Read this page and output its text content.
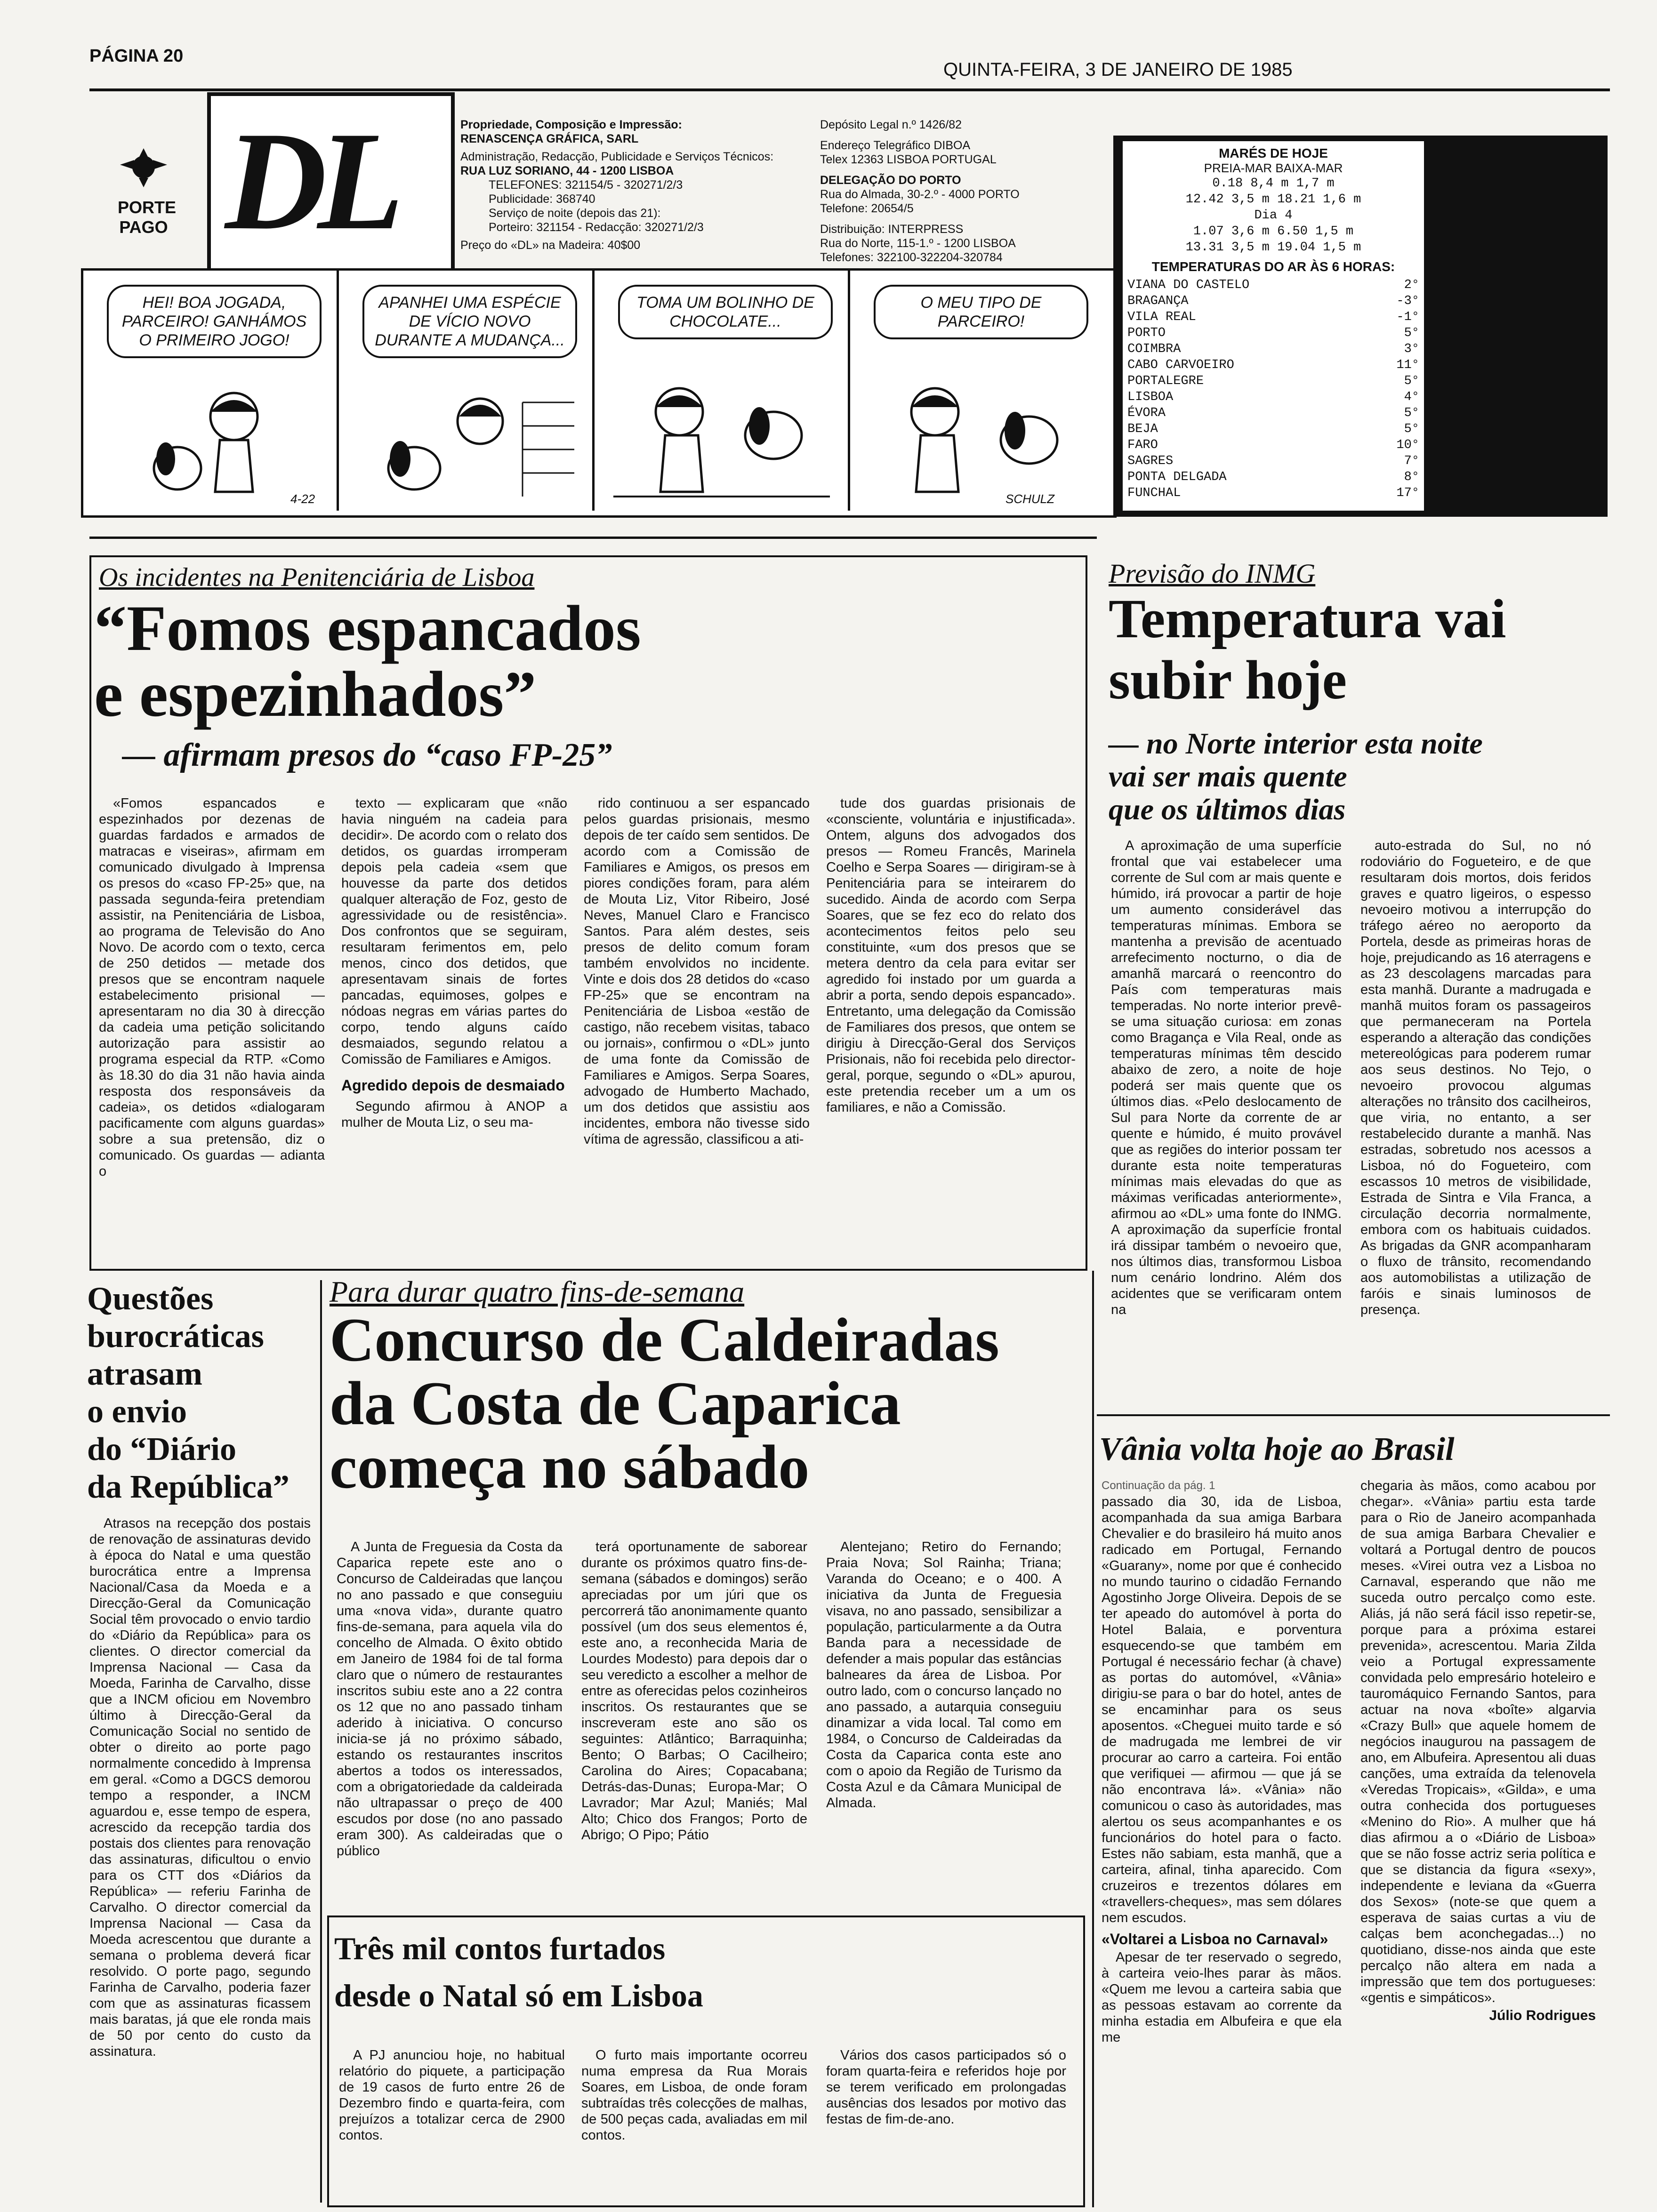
PÁGINA 20
QUINTA-FEIRA, 3 DE JANEIRO DE 1985
PORTE PAGO DL	Propriedade, Composição e Impressão:
RENASCENÇA GRÁFICA, SARL
Administração, Redacção, Publicidade e Serviços Técnicos:
RUA LUZ SORIANO, 44 - 1200 LISBOA
TELEFONES: 321154/5 - 320271/2/3
Publicidade: 368740
Serviço de noite (depois das 21):
Porteiro: 321154 - Redacção: 320271/2/3
Preço do «DL» na Madeira: 40$00
Depósito Legal n.º 1426/82
Endereço Telegráfico DIBOA
Telex 12363 LISBOA PORTUGAL
DELEGAÇÃO DO PORTO
Rua do Almada, 30-2.º - 4000 PORTO
Telefone: 20654/5
Distribuição: INTERPRESS
Rua do Norte, 115-1.º - 1200 LISBOA
Telefones: 322100-322204-320784
HEI! BOA JOGADA, PARCEIRO! GANHÁMOS O PRIMEIRO JOGO!
4-22
APANHEI UMA ESPÉCIE DE VÍCIO NOVO DURANTE A MUDANÇA...
TOMA UM BOLINHO DE CHOCOLATE...
O MEU TIPO DE PARCEIRO!
SCHULZ
MARÉS DE HOJE
PREIA-MAR BAIXA-MAR
0.18 8,4 m 1,7 m
12.42 3,5 m 18.21 1,6 m
Dia 4
1.07 3,6 m 6.50 1,5 m
13.31 3,5 m 19.04 1,5 m
TEMPERATURAS DO AR ÀS 6 HORAS:
VIANA DO CASTELO	2°
BRAGANÇA	-3°
VILA REAL	-1°
PORTO	5°
COIMBRA	3°
CABO CARVOEIRO	11°
PORTALEGRE	5°
LISBOA	4°
ÉVORA	5°
BEJA	5°
FARO	10°
SAGRES	7°
PONTA DELGADA	8°
FUNCHAL	17°
Os incidentes na Penitenciária de Lisboa
“Fomos espancados
e espezinhados”
— afirmam presos do “caso FP-25”

«Fomos espancados e espezinhados por dezenas de guardas fardados e armados de matracas e viseiras», afirmam em comunicado divulgado à Imprensa os presos do «caso FP-25» que, na passada segunda-feira pretendiam assistir, na Penitenciária de Lisboa, ao programa de Televisão do Ano Novo. De acordo com o texto, cerca de 250 detidos — metade dos presos que se encontram naquele estabelecimento prisional — apresentaram no dia 30 à direcção da cadeia uma petição solicitando autorização para assistir ao programa especial da RTP. «Como às 18.30 do dia 31 não havia ainda resposta dos responsáveis da cadeia», os detidos «dialogaram pacificamente com alguns guardas» sobre a sua pretensão, diz o comunicado. Os guardas — adianta o

texto — explicaram que «não havia ninguém na cadeia para decidir». De acordo com o relato dos detidos, os guardas irromperam depois pela cadeia «sem que houvesse da parte dos detidos qualquer alteração de Foz, gesto de agressividade ou de resistência». Dos confrontos que se seguiram, resultaram ferimentos em, pelo menos, cinco dos detidos, que apresentavam sinais de fortes pancadas, equimoses, golpes e nódoas negras em várias partes do corpo, tendo alguns caído desmaiados, segundo relatou a Comissão de Familiares e Amigos.

Agredido depois de desmaiado

Segundo afirmou à ANOP a mulher de Mouta Liz, o seu ma-

rido continuou a ser espancado pelos guardas prisionais, mesmo depois de ter caído sem sentidos. De acordo com a Comissão de Familiares e Amigos, os presos em piores condições foram, para além de Mouta Liz, Vitor Ribeiro, José Neves, Manuel Claro e Francisco Santos. Para além destes, seis presos de delito comum foram também envolvidos no incidente. Vinte e dois dos 28 detidos do «caso FP-25» que se encontram na Penitenciária de Lisboa «estão de castigo, não recebem visitas, tabaco ou jornais», confirmou o «DL» junto de uma fonte da Comissão de Familiares e Amigos. Serpa Soares, advogado de Humberto Machado, um dos detidos que assistiu aos incidentes, embora não tivesse sido vítima de agressão, classificou a ati-

tude dos guardas prisionais de «consciente, voluntária e injustificada». Ontem, alguns dos advogados dos presos — Romeu Francês, Marinela Coelho e Serpa Soares — dirigiram-se à Penitenciária para se inteirarem do sucedido. Ainda de acordo com Serpa Soares, que se fez eco do relato dos acontecimentos feitos pelo seu constituinte, «um dos presos que se metera dentro da cela para evitar ser agredido foi instado por um guarda a abrir a porta, sendo depois espancado». Entretanto, uma delegação da Comissão de Familiares dos presos, que ontem se dirigiu à Direcção-Geral dos Serviços Prisionais, não foi recebida pelo director-geral, porque, segundo o «DL» apurou, este pretendia receber um a um os familiares, e não a Comissão.

Previsão do INMG
Temperatura vai
subir hoje
— no Norte interior esta noite
vai ser mais quente
que os últimos dias

A aproximação de uma superfície frontal que vai estabelecer uma corrente de Sul com ar mais quente e húmido, irá provocar a partir de hoje um aumento considerável das temperaturas mínimas. Embora se mantenha a previsão de acentuado arrefecimento nocturno, o dia de amanhã marcará o reencontro do País com temperaturas mais temperadas. No norte interior prevê-se uma situação curiosa: em zonas como Bragança e Vila Real, onde as temperaturas mínimas têm descido abaixo de zero, a noite de hoje poderá ser mais quente que os últimos dias. «Pelo deslocamento de Sul para Norte da corrente de ar quente e húmido, é muito provável que as regiões do interior possam ter durante esta noite temperaturas mínimas mais elevadas do que as máximas verificadas anteriormente», afirmou ao «DL» uma fonte do INMG. A aproximação da superfície frontal irá dissipar também o nevoeiro que, nos últimos dias, transformou Lisboa num cenário londrino. Além dos acidentes que se verificaram ontem na

auto-estrada do Sul, no nó rodoviário do Fogueteiro, e de que resultaram dois mortos, dois feridos graves e quatro ligeiros, o espesso nevoeiro motivou a interrupção do tráfego aéreo no aeroporto da Portela, desde as primeiras horas de hoje, prejudicando as 16 aterragens e as 23 descolagens marcadas para esta manhã. Durante a madrugada e manhã muitos foram os passageiros que permaneceram na Portela esperando a alteração das condições metereológicas para poderem rumar aos seus destinos. No Tejo, o nevoeiro provocou algumas alterações no trânsito dos cacilheiros, que viria, no entanto, a ser restabelecido durante a manhã. Nas estradas, sobretudo nos acessos a Lisboa, nó do Fogueteiro, com escassos 10 metros de visibilidade, Estrada de Sintra e Vila Franca, a circulação decorria normalmente, embora com os habituais cuidados. As brigadas da GNR acompanharam o fluxo de trânsito, recomendando aos automobilistas a utilização de faróis e sinais luminosos de presença.

Questões
burocráticas
atrasam
o envio
do “Diário
da República”

Atrasos na recepção dos postais de renovação de assinaturas devido à época do Natal e uma questão burocrática entre a Imprensa Nacional/Casa da Moeda e a Direcção-Geral da Comunicação Social têm provocado o envio tardio do «Diário da República» para os clientes. O director comercial da Imprensa Nacional — Casa da Moeda, Farinha de Carvalho, disse que a INCM oficiou em Novembro último à Direcção-Geral da Comunicação Social no sentido de obter o direito ao porte pago normalmente concedido à Imprensa em geral. «Como a DGCS demorou tempo a responder, a INCM aguardou e, esse tempo de espera, acrescido da recepção tardia dos postais dos clientes para renovação das assinaturas, dificultou o envio para os CTT dos «Diários da República» — referiu Farinha de Carvalho. O director comercial da Imprensa Nacional — Casa da Moeda acrescentou que durante a semana o problema deverá ficar resolvido. O porte pago, segundo Farinha de Carvalho, poderia fazer com que as assinaturas ficassem mais baratas, já que ele ronda mais de 50 por cento do custo da assinatura.

Para durar quatro fins-de-semana
Concurso de Caldeiradas
da Costa de Caparica
começa no sábado

A Junta de Freguesia da Costa da Caparica repete este ano o Concurso de Caldeiradas que lançou no ano passado e que conseguiu uma «nova vida», durante quatro fins-de-semana, para aquela vila do concelho de Almada. O êxito obtido em Janeiro de 1984 foi de tal forma claro que o número de restaurantes inscritos subiu este ano a 22 contra os 12 que no ano passado tinham aderido à iniciativa. O concurso inicia-se já no próximo sábado, estando os restaurantes inscritos abertos a todos os interessados, com a obrigatoriedade da caldeirada não ultrapassar o preço de 400 escudos por dose (no ano passado eram 300). As caldeiradas que o público

terá oportunamente de saborear durante os próximos quatro fins-de-semana (sábados e domingos) serão apreciadas por um júri que os percorrerá tão anonimamente quanto possível (um dos seus elementos é, este ano, a reconhecida Maria de Lourdes Modesto) para depois dar o seu veredicto a escolher a melhor de entre as oferecidas pelos cozinheiros inscritos. Os restaurantes que se inscreveram este ano são os seguintes: Atlântico; Barraquinha; Bento; O Barbas; O Cacilheiro; Carolina do Aires; Copacabana; Detrás-das-Dunas; Europa-Mar; O Lavrador; Mar Azul; Maniés; Mal Alto; Chico dos Frangos; Porto de Abrigo; O Pipo; Pátio

Alentejano; Retiro do Fernando; Praia Nova; Sol Rainha; Triana; Varanda do Oceano; e o 400. A iniciativa da Junta de Freguesia visava, no ano passado, sensibilizar a população, particularmente a da Outra Banda para a necessidade de defender a mais popular das estâncias balneares da área de Lisboa. Por outro lado, com o concurso lançado no ano passado, a autarquia conseguiu dinamizar a vida local. Tal como em 1984, o Concurso de Caldeiradas da Costa da Caparica conta este ano com o apoio da Região de Turismo da Costa Azul e da Câmara Municipal de Almada.

Três mil contos furtados
desde o Natal só em Lisboa

A PJ anunciou hoje, no habitual relatório do piquete, a participação de 19 casos de furto entre 26 de Dezembro findo e quarta-feira, com prejuízos a totalizar cerca de 2900 contos.

O furto mais importante ocorreu numa empresa da Rua Morais Soares, em Lisboa, de onde foram subtraídas três colecções de malhas, de 500 peças cada, avaliadas em mil contos.

Vários dos casos participados só o foram quarta-feira e referidos hoje por se terem verificado em prolongadas ausências dos lesados por motivo das festas de fim-de-ano.

Vânia volta hoje ao Brasil
Continuação da pág. 1

passado dia 30, ida de Lisboa, acompanhada da sua amiga Barbara Chevalier e do brasileiro há muito anos radicado em Portugal, Fernando «Guarany», nome por que é conhecido no mundo taurino o cidadão Fernando Agostinho Jorge Oliveira. Depois de se ter apeado do automóvel à porta do Hotel Balaia, e porventura esquecendo-se que também em Portugal é necessário fechar (à chave) as portas do automóvel, «Vânia» dirigiu-se para o bar do hotel, antes de se encaminhar para os seus aposentos. «Cheguei muito tarde e só de madrugada me lembrei de vir procurar ao carro a carteira. Foi então que verifiquei — afirmou — que já se não encontrava lá». «Vânia» não comunicou o caso às autoridades, mas alertou os seus acompanhantes e os funcionários do hotel para o facto. Estes não sabiam, esta manhã, que a carteira, afinal, tinha aparecido. Com cruzeiros e trezentos dólares em «travellers-cheques», mas sem dólares nem escudos.

«Voltarei a Lisboa no Carnaval»

Apesar de ter reservado o segredo, à carteira veio-lhes parar às mãos. «Quem me levou a carteira sabia que as pessoas estavam ao corrente da minha estadia em Albufeira e que ela me

chegaria às mãos, como acabou por chegar». «Vânia» partiu esta tarde para o Rio de Janeiro acompanhada de sua amiga Barbara Chevalier e voltará a Portugal dentro de poucos meses. «Virei outra vez a Lisboa no Carnaval, esperando que não me suceda outro percalço como este. Aliás, já não será fácil isso repetir-se, porque para a próxima estarei prevenida», acrescentou. Maria Zilda veio a Portugal expressamente convidada pelo empresário hoteleiro e tauromáquico Fernando Santos, para actuar na nova «boîte» algarvia «Crazy Bull» que aquele homem de negócios inaugurou na passagem de ano, em Albufeira. Apresentou ali duas canções, uma extraída da telenovela «Veredas Tropicais», «Gilda», e uma outra conhecida dos portugueses «Menino do Rio». A mulher que há dias afirmou a o «Diário de Lisboa» que se não fosse actriz seria política e que se distancia da figura «sexy», independente e leviana da «Guerra dos Sexos» (note-se que quem a esperava de saias curtas a viu de calças bem aconchegadas...) no quotidiano, disse-nos ainda que este percalço não altera em nada a impressão que tem dos portugueses: «gentis e simpáticos».

Júlio Rodrigues
